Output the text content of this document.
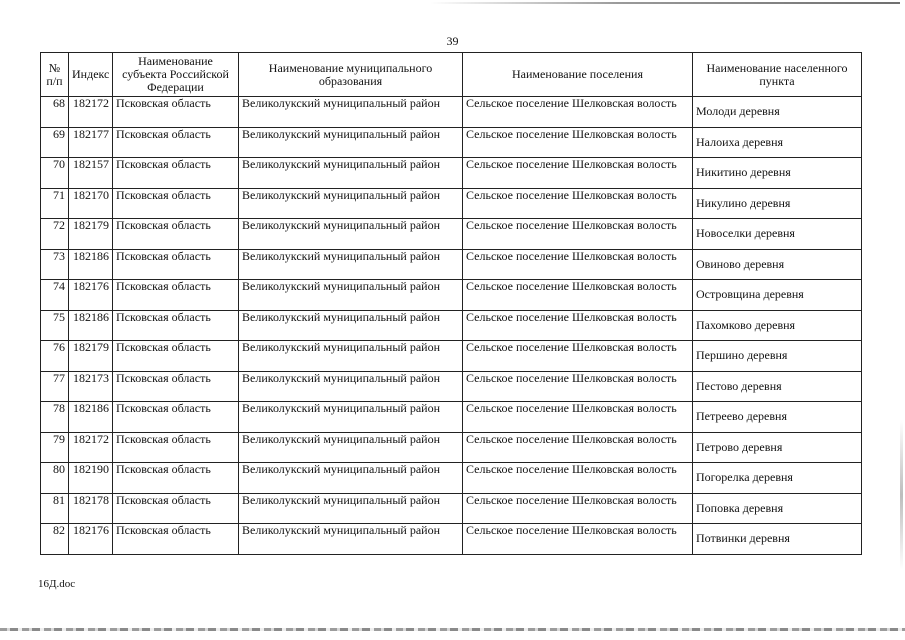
39
№ п/п	Индекс	Наименование субъекта Российской Федерации	Наименование муниципального образования	Наименование поселения	Наименование населенного пункта
68	182172	Псковская область	Великолукский муниципальный район	Сельское поселение Шелковская волость	Молоди деревня
69	182177	Псковская область	Великолукский муниципальный район	Сельское поселение Шелковская волость	Налоиха деревня
70	182157	Псковская область	Великолукский муниципальный район	Сельское поселение Шелковская волость	Никитино деревня
71	182170	Псковская область	Великолукский муниципальный район	Сельское поселение Шелковская волость	Никулино деревня
72	182179	Псковская область	Великолукский муниципальный район	Сельское поселение Шелковская волость	Новоселки деревня
73	182186	Псковская область	Великолукский муниципальный район	Сельское поселение Шелковская волость	Овиново деревня
74	182176	Псковская область	Великолукский муниципальный район	Сельское поселение Шелковская волость	Островщина деревня
75	182186	Псковская область	Великолукский муниципальный район	Сельское поселение Шелковская волость	Пахомково деревня
76	182179	Псковская область	Великолукский муниципальный район	Сельское поселение Шелковская волость	Першино деревня
77	182173	Псковская область	Великолукский муниципальный район	Сельское поселение Шелковская волость	Пестово деревня
78	182186	Псковская область	Великолукский муниципальный район	Сельское поселение Шелковская волость	Петреево деревня
79	182172	Псковская область	Великолукский муниципальный район	Сельское поселение Шелковская волость	Петрово деревня
80	182190	Псковская область	Великолукский муниципальный район	Сельское поселение Шелковская волость	Погорелка деревня
81	182178	Псковская область	Великолукский муниципальный район	Сельское поселение Шелковская волость	Поповка деревня
82	182176	Псковская область	Великолукский муниципальный район	Сельское поселение Шелковская волость	Потвинки деревня
16Д.doc
